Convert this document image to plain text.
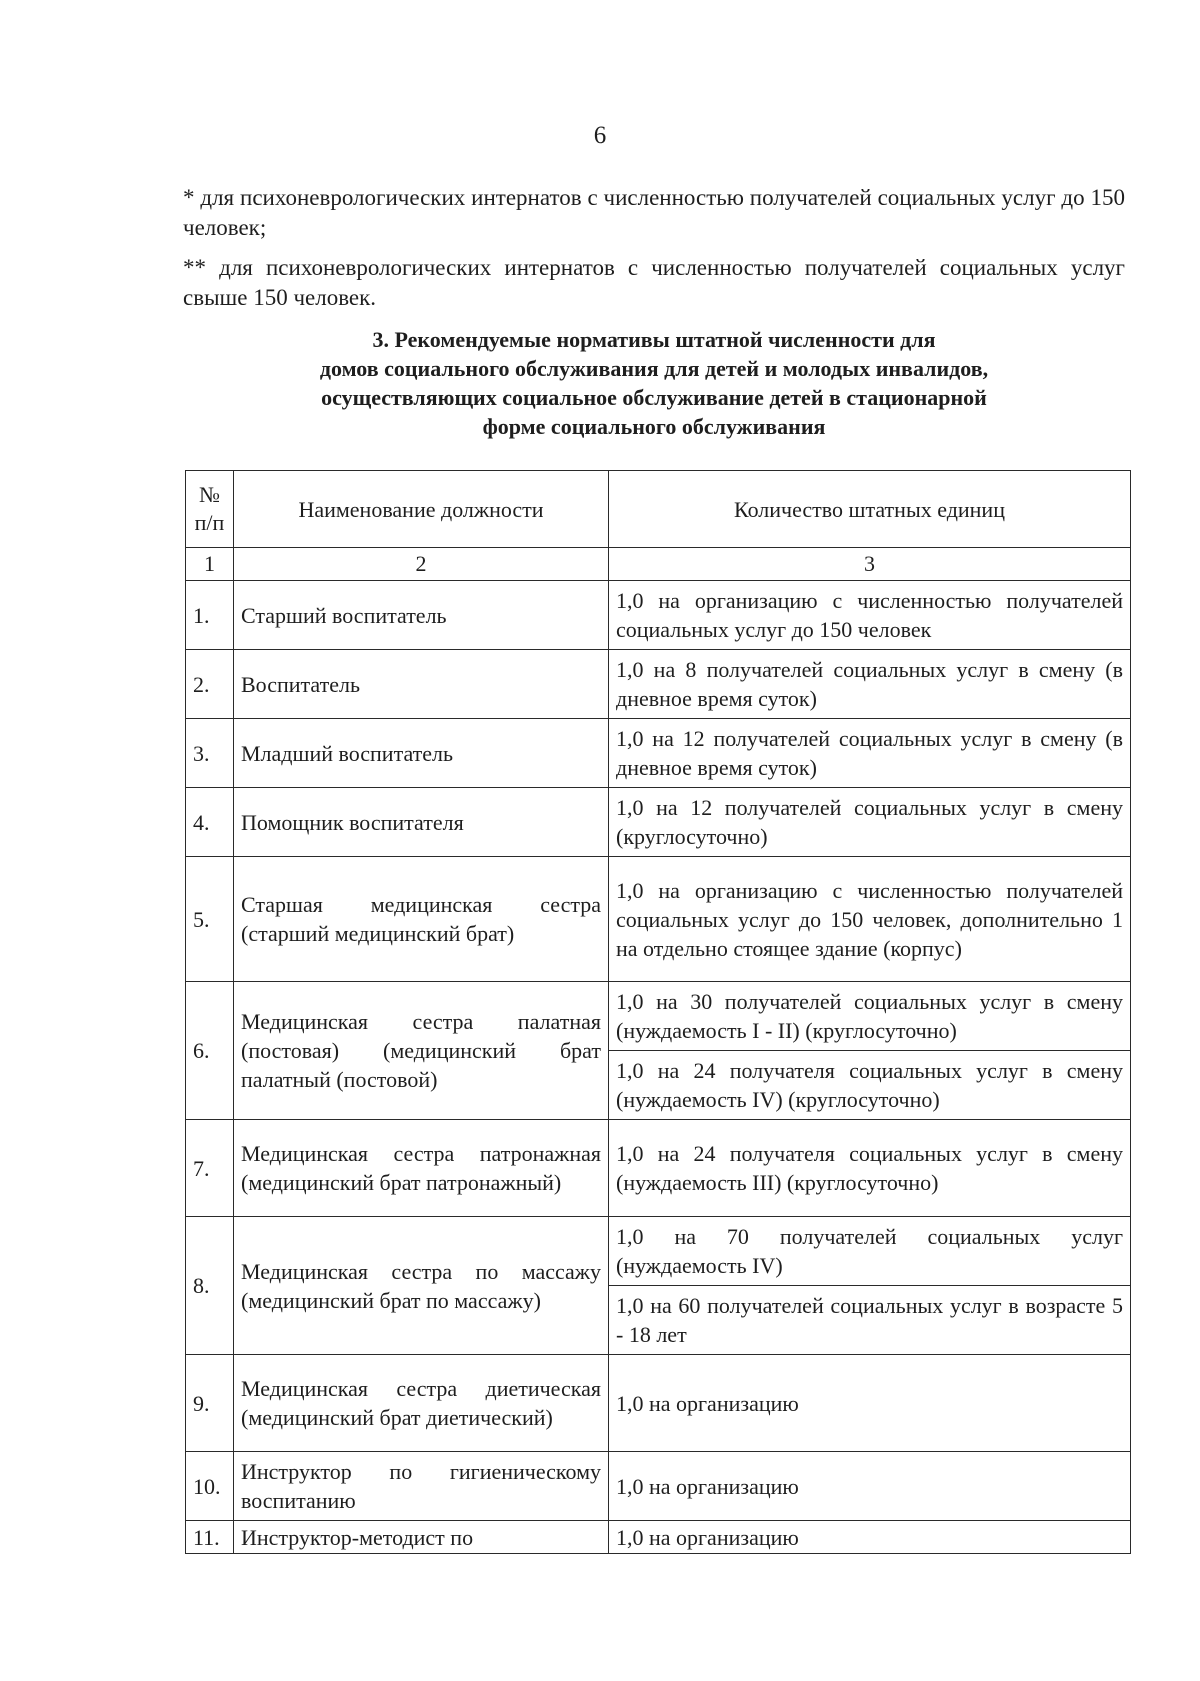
6

* для психоневрологических интернатов с численностью получателей социальных услуг до 150 человек;

** для психоневрологических интернатов с численностью получателей социальных услуг свыше 150 человек.

3. Рекомендуемые нормативы штатной численности для
домов социального обслуживания для детей и молодых инвалидов,
осуществляющих социальное обслуживание детей в стационарной
форме социального обслуживания
№ п/п	Наименование должности	Количество штатных единиц
1	2	3
1.	Старший воспитатель	1,0 на организацию с численностью получателей социальных услуг до 150 человек
2.	Воспитатель	1,0 на 8 получателей социальных услуг в смену (в дневное время суток)
3.	Младший воспитатель	1,0 на 12 получателей социальных услуг в смену (в дневное время суток)
4.	Помощник воспитателя	1,0 на 12 получателей социальных услуг в смену (круглосуточно)
5.	Старшая медицинская сестра (старший медицинский брат)	1,0 на организацию с численностью получателей социальных услуг до 150 человек, дополнительно 1 на отдельно стоящее здание (корпус)
6.	Медицинская сестра палатная (постовая) (медицинский брат палатный (постовой)	1,0 на 30 получателей социальных услуг в смену (нуждаемость I - II) (круглосуточно)
		1,0 на 24 получателя социальных услуг в смену (нуждаемость IV) (круглосуточно)
7.	Медицинская сестра патронажная (медицинский брат патронажный)	1,0 на 24 получателя социальных услуг в смену (нуждаемость III) (круглосуточно)
8.	Медицинская сестра по массажу (медицинский брат по массажу)	1,0 на 70 получателей социальных услуг (нуждаемость IV)
		1,0 на 60 получателей социальных услуг в возрасте 5 - 18 лет
9.	Медицинская сестра диетическая (медицинский брат диетический)	1,0 на организацию
10.	Инструктор по гигиеническому воспитанию	1,0 на организацию
11.	Инструктор-методист по	1,0 на организацию
